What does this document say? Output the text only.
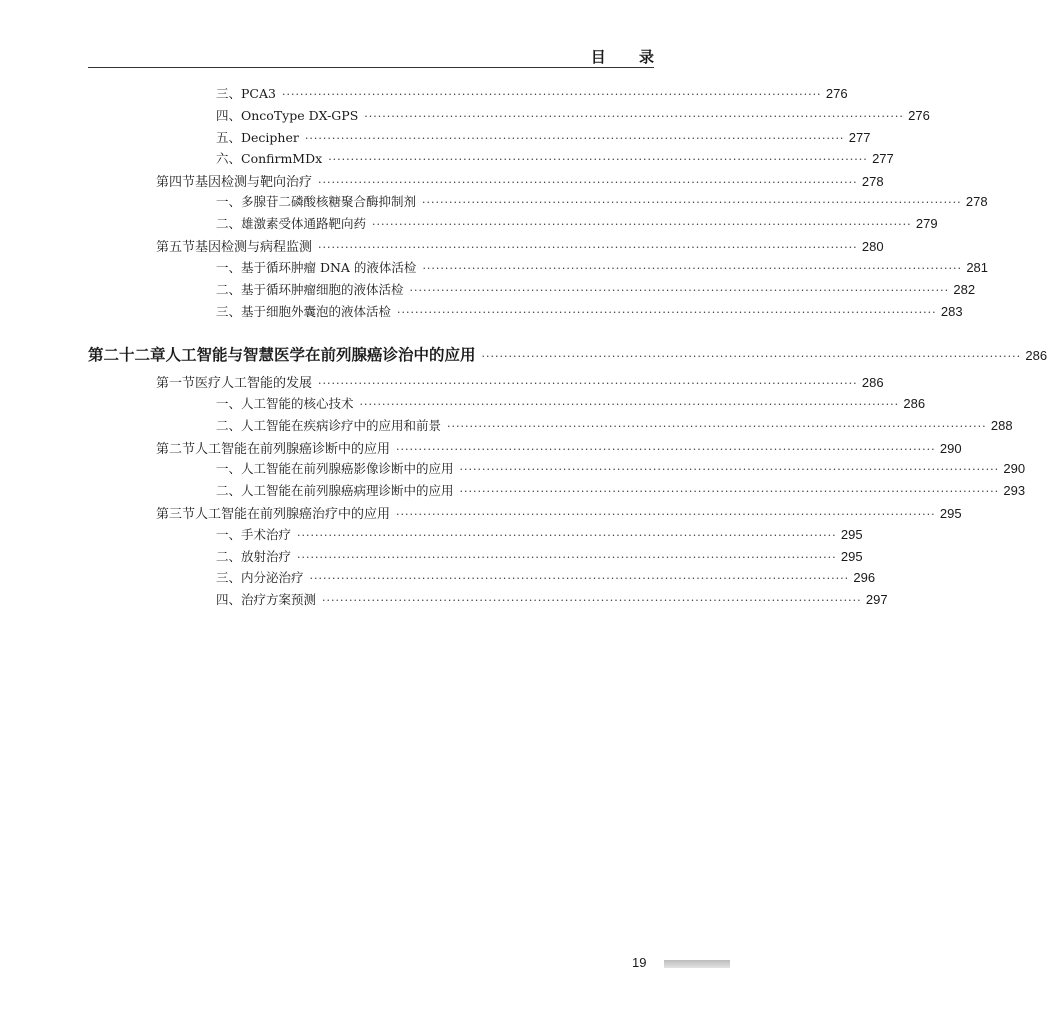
目 录
三、PCA3 ························································································································ 276
四、OncoType DX-GPS ························································································································ 276
五、Decipher ························································································································ 277
六、ConfirmMDx ························································································································ 277
第四节 基因检测与靶向治疗 ························································································································ 278
一、多腺苷二磷酸核糖聚合酶抑制剂 ························································································································ 278
二、雄激素受体通路靶向药 ························································································································ 279
第五节 基因检测与病程监测 ························································································································ 280
一、基于循环肿瘤 DNA 的液体活检 ························································································································ 281
二、基于循环肿瘤细胞的液体活检 ························································································································ 282
三、基于细胞外囊泡的液体活检 ························································································································ 283
第二十二章 人工智能与智慧医学在前列腺癌诊治中的应用 ························································································································ 286
第一节 医疗人工智能的发展 ························································································································ 286
一、人工智能的核心技术 ························································································································ 286
二、人工智能在疾病诊疗中的应用和前景 ························································································································ 288
第二节 人工智能在前列腺癌诊断中的应用 ························································································································ 290
一、人工智能在前列腺癌影像诊断中的应用 ························································································································ 290
二、人工智能在前列腺癌病理诊断中的应用 ························································································································ 293
第三节 人工智能在前列腺癌治疗中的应用 ························································································································ 295
一、手术治疗 ························································································································ 295
二、放射治疗 ························································································································ 295
三、内分泌治疗 ························································································································ 296
四、治疗方案预测 ························································································································ 297
19
